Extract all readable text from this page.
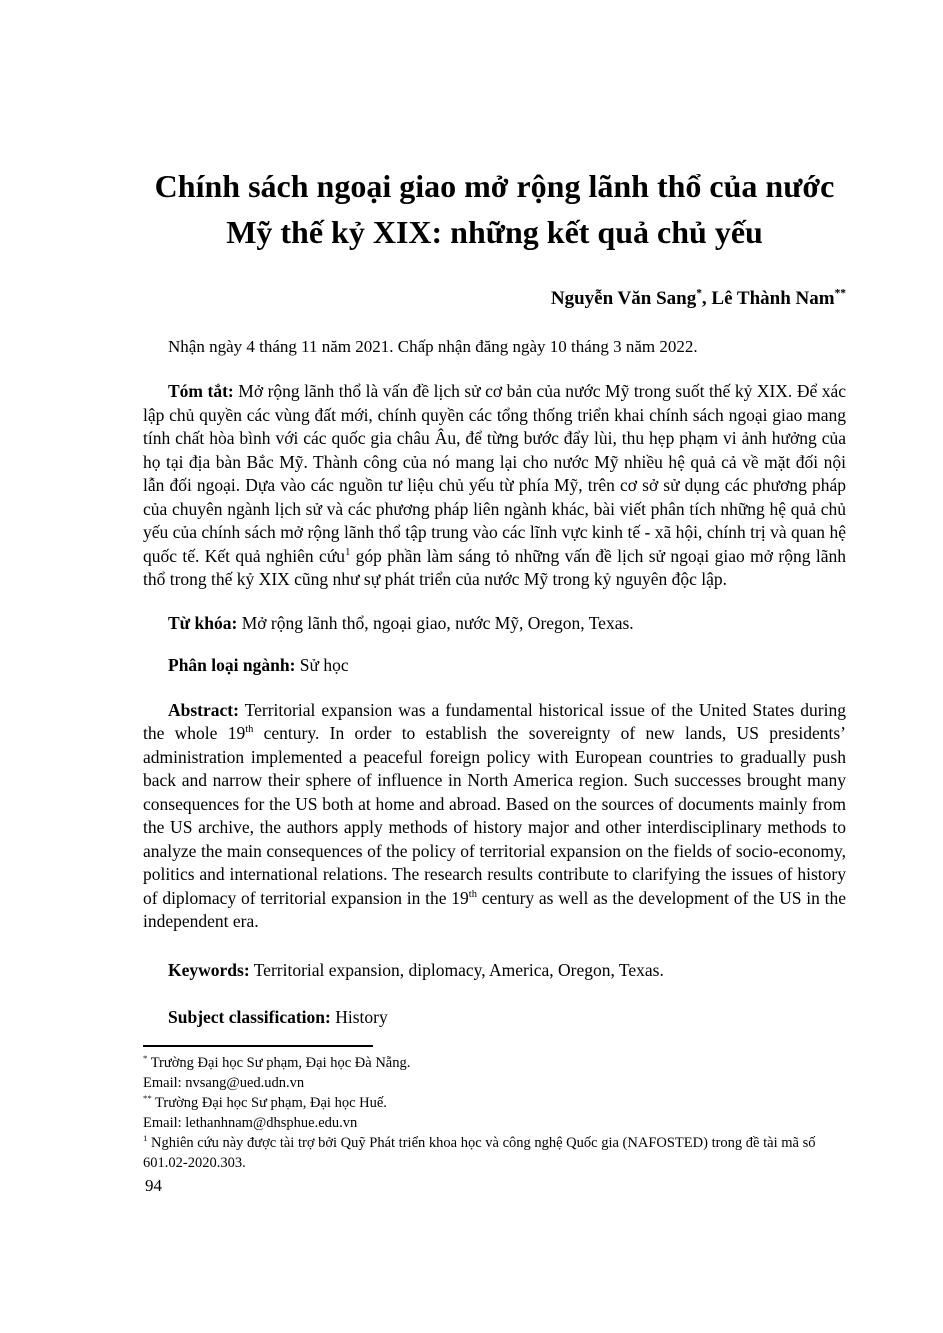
Chính sách ngoại giao mở rộng lãnh thổ của nước Mỹ thế kỷ XIX: những kết quả chủ yếu
Nguyễn Văn Sang*, Lê Thành Nam**

Nhận ngày 4 tháng 11 năm 2021. Chấp nhận đăng ngày 10 tháng 3 năm 2022.

Tóm tắt: Mở rộng lãnh thổ là vấn đề lịch sử cơ bản của nước Mỹ trong suốt thế kỷ XIX. Để xác lập chủ quyền các vùng đất mới, chính quyền các tổng thống triển khai chính sách ngoại giao mang tính chất hòa bình với các quốc gia châu Âu, để từng bước đẩy lùi, thu hẹp phạm vi ảnh hưởng của họ tại địa bàn Bắc Mỹ. Thành công của nó mang lại cho nước Mỹ nhiều hệ quả cả về mặt đối nội lẫn đối ngoại. Dựa vào các nguồn tư liệu chủ yếu từ phía Mỹ, trên cơ sở sử dụng các phương pháp của chuyên ngành lịch sử và các phương pháp liên ngành khác, bài viết phân tích những hệ quả chủ yếu của chính sách mở rộng lãnh thổ tập trung vào các lĩnh vực kinh tế - xã hội, chính trị và quan hệ quốc tế. Kết quả nghiên cứu$^1$ góp phần làm sáng tỏ những vấn đề lịch sử ngoại giao mở rộng lãnh thổ trong thế kỷ XIX cũng như sự phát triển của nước Mỹ trong kỷ nguyên độc lập.

Từ khóa: Mở rộng lãnh thổ, ngoại giao, nước Mỹ, Oregon, Texas.

Phân loại ngành: Sử học

Abstract: Territorial expansion was a fundamental historical issue of the United States during the whole 19th century. In order to establish the sovereignty of new lands, US presidents’ administration implemented a peaceful foreign policy with European countries to gradually push back and narrow their sphere of influence in North America region. Such successes brought many consequences for the US both at home and abroad. Based on the sources of documents mainly from the US archive, the authors apply methods of history major and other interdisciplinary methods to analyze the main consequences of the policy of territorial expansion on the fields of socio-economy, politics and international relations. The research results contribute to clarifying the issues of history of diplomacy of territorial expansion in the 19th century as well as the development of the US in the independent era.

Keywords: Territorial expansion, diplomacy, America, Oregon, Texas.

Subject classification: History

* Trường Đại học Sư phạm, Đại học Đà Nẵng.

Email: nvsang@ued.udn.vn

** Trường Đại học Sư phạm, Đại học Huế.

Email: lethanhnam@dhsphue.edu.vn

$^1$ Nghiên cứu này được tài trợ bởi Quỹ Phát triển khoa học và công nghệ Quốc gia (NAFOSTED) trong đề tài mã số 601.02-2020.303.

94
